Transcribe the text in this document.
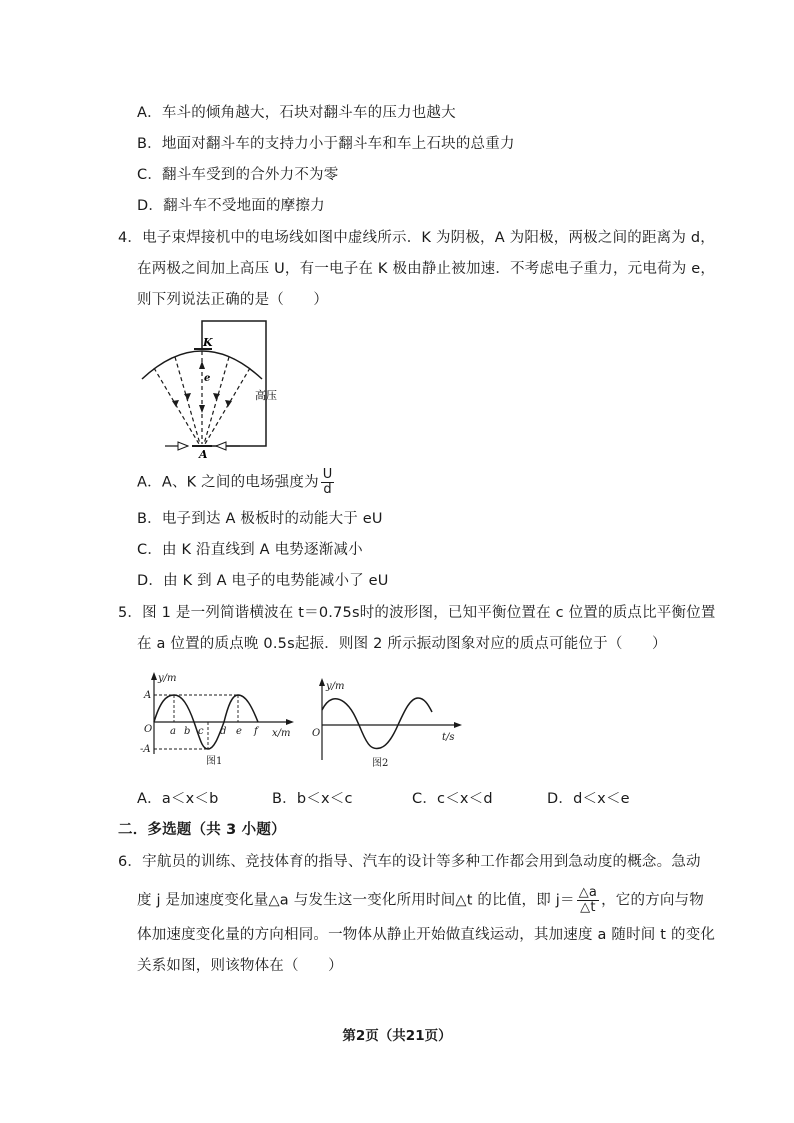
A．车斗的倾角越大，石块对翻斗车的压力也越大
B．地面对翻斗车的支持力小于翻斗车和车上石块的总重力
C．翻斗车受到的合外力不为零
D．翻斗车不受地面的摩擦力
4．电子束焊接机中的电场线如图中虚线所示．K 为阴极，A 为阳极，两极之间的距离为 d，
在两极之间加上高压 U，有一电子在 K 极由静止被加速．不考虑电子重力，元电荷为 e，
则下列说法正确的是（　　）
K
e
A
高压
A．A、K 之间的电场强度为 $\frac{U}{d}$
B．电子到达 A 极板时的动能大于 eU
C．由 K 沿直线到 A 电势逐渐减小
D．由 K 到 A 电子的电势能减小了 eU
5．图 1 是一列简谐横波在 t＝0.75s时的波形图，已知平衡位置在 c 位置的质点比平衡位置
在 a 位置的质点晚 0.5s起振．则图 2 所示振动图象对应的质点可能位于（　　）
y/m
A
O
-A
a b c d e f x/m
图1
y/m
O	t/s
图2
A．a＜x＜b	B．b＜x＜c	C．c＜x＜d	D．d＜x＜e
二．多选题（共 3 小题）
6．宇航员的训练、竞技体育的指导、汽车的设计等多种工作都会用到急动度的概念。急动
度 j 是加速度变化量△a 与发生这一变化所用时间△t 的比值，即 $j= \frac{\triangle a}{\triangle t}$ ，它的方向与物
体加速度变化量的方向相同。一物体从静止开始做直线运动，其加速度 a 随时间 t 的变化
关系如图，则该物体在（　　）
第2页（共21页）
